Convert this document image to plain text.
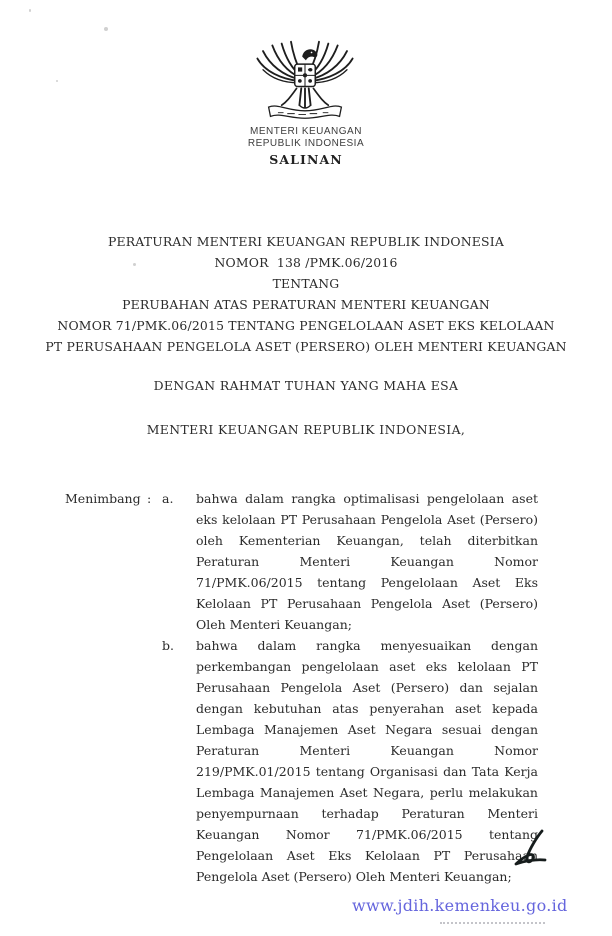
MENTERI KEUANGAN
REPUBLIK INDONESIA
SALINAN
PERATURAN MENTERI KEUANGAN REPUBLIK INDONESIA
NOMOR  138 /PMK.06/2016
TENTANG
PERUBAHAN ATAS PERATURAN MENTERI KEUANGAN
NOMOR 71/PMK.06/2015 TENTANG PENGELOLAAN ASET EKS KELOLAAN
PT PERUSAHAAN PENGELOLA ASET (PERSERO) OLEH MENTERI KEUANGAN
DENGAN RAHMAT TUHAN YANG MAHA ESA
MENTERI KEUANGAN REPUBLIK INDONESIA,
Menimbang : a.	bahwa dalam rangka optimalisasi pengelolaan aset eks kelolaan PT Perusahaan Pengelola Aset (Persero) oleh Kementerian Keuangan, telah diterbitkan Peraturan Menteri Keuangan Nomor 71/PMK.06/2015 tentang Pengelolaan Aset Eks Kelolaan PT Perusahaan Pengelola Aset (Persero) Oleh Menteri Keuangan;
b.	bahwa dalam rangka menyesuaikan dengan perkembangan pengelolaan aset eks kelolaan PT Perusahaan Pengelola Aset (Persero) dan sejalan dengan kebutuhan atas penyerahan aset kepada Lembaga Manajemen Aset Negara sesuai dengan Peraturan Menteri Keuangan Nomor 219/PMK.01/2015 tentang Organisasi dan Tata Kerja Lembaga Manajemen Aset Negara, perlu melakukan penyempurnaan terhadap Peraturan Menteri Keuangan Nomor 71/PMK.06/2015 tentang Pengelolaan Aset Eks Kelolaan PT Perusahaan Pengelola Aset (Persero) Oleh Menteri Keuangan;
www.jdih.kemenkeu.go.id
